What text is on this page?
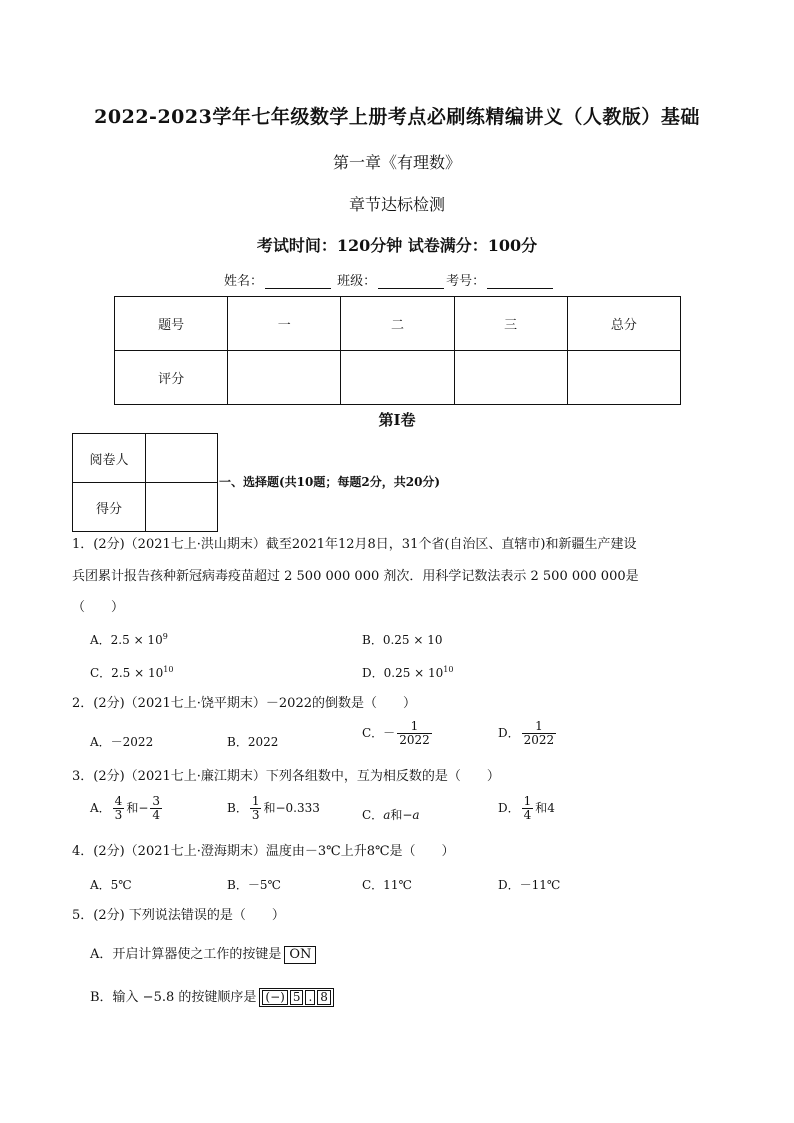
2022-2023学年七年级数学上册考点必刷练精编讲义（人教版）基础
第一章《有理数》
章节达标检测
考试时间：120分钟 试卷满分：100分
姓名：	班级：	考号：
题号	一	二	三	总分
评分				
第I卷
阅卷人	
得分	
一、选择题(共10题；每题2分，共20分)
1．(2分)（2021七上·洪山期末）截至2021年12月8日，31个省(自治区、直辖市)和新疆生产建设
兵团累计报告孩种新冠病毒疫苗超过 2 500 000 000 剂次．用科学记数法表示 2 500 000 000是
（　　）
A．$2.5 \times 10^9$	B．0.25 × 10
C．$2.5 \times 10^{10}$	D．$0.25 \times 10^{10}$
2．(2分)（2021七上·饶平期末）－2022的倒数是（　　）
A．－2022	B．2022
C．－ $\frac{1}{2022}$	D． $\frac{1}{2022}$
3．(2分)（2021七上·廉江期末）下列各组数中，互为相反数的是（　　）
A． $\frac{4}{3}$ 和− $\frac{3}{4}$	B． $\frac{1}{3}$ 和−0.333	C．a和−a	D． $\frac{1}{4}$ 和4
4．(2分)（2021七上·澄海期末）温度由－3℃上升8℃是（　　）
A．5℃	B．－5℃	C．11℃	D．－11℃
5．(2分) 下列说法错误的是（　　）
A．开启计算器使之工作的按键是 ON
B．输入 −5.8 的按键顺序是 (−) 5 . 8
